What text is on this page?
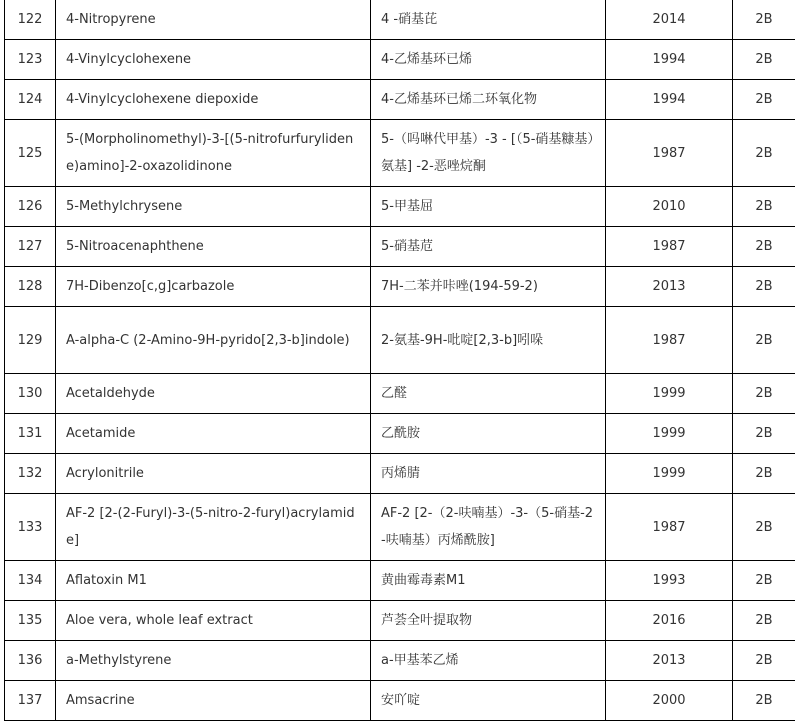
122	4-Nitropyrene	4 -硝基芘	2014	2B
123	4-Vinylcyclohexene	4-乙烯基环已烯	1994	2B
124	4-Vinylcyclohexene diepoxide	4-乙烯基环已烯二环氧化物	1994	2B
125	5-(Morpholinomethyl)-3-[(5-nitrofurfurylidene)amino]-2-oxazolidinone	5-（吗啉代甲基）-3 - [（5-硝基糠基）氨基] -2-恶唑烷酮	1987	2B
126	5-Methylchrysene	5-甲基屈	2010	2B
127	5-Nitroacenaphthene	5-硝基苊	1987	2B
128	7H-Dibenzo[c,g]carbazole	7H-二苯并咔唑(194-59-2)	2013	2B
129	A-alpha-C (2-Amino-9H-pyrido[2,3-b]indole)	2-氨基-9H-吡啶[2,3-b]吲哚	1987	2B
130	Acetaldehyde	乙醛	1999	2B
131	Acetamide	乙酰胺	1999	2B
132	Acrylonitrile	丙烯腈	1999	2B
133	AF-2 [2-(2-Furyl)-3-(5-nitro-2-furyl)acrylamide]	AF-2 [2-（2-呋喃基）-3-（5-硝基-2-呋喃基）丙烯酰胺]	1987	2B
134	Aflatoxin M1	黄曲霉毒素M1	1993	2B
135	Aloe vera, whole leaf extract	芦荟全叶提取物	2016	2B
136	a-Methylstyrene	a-甲基苯乙烯	2013	2B
137	Amsacrine	安吖啶	2000	2B
